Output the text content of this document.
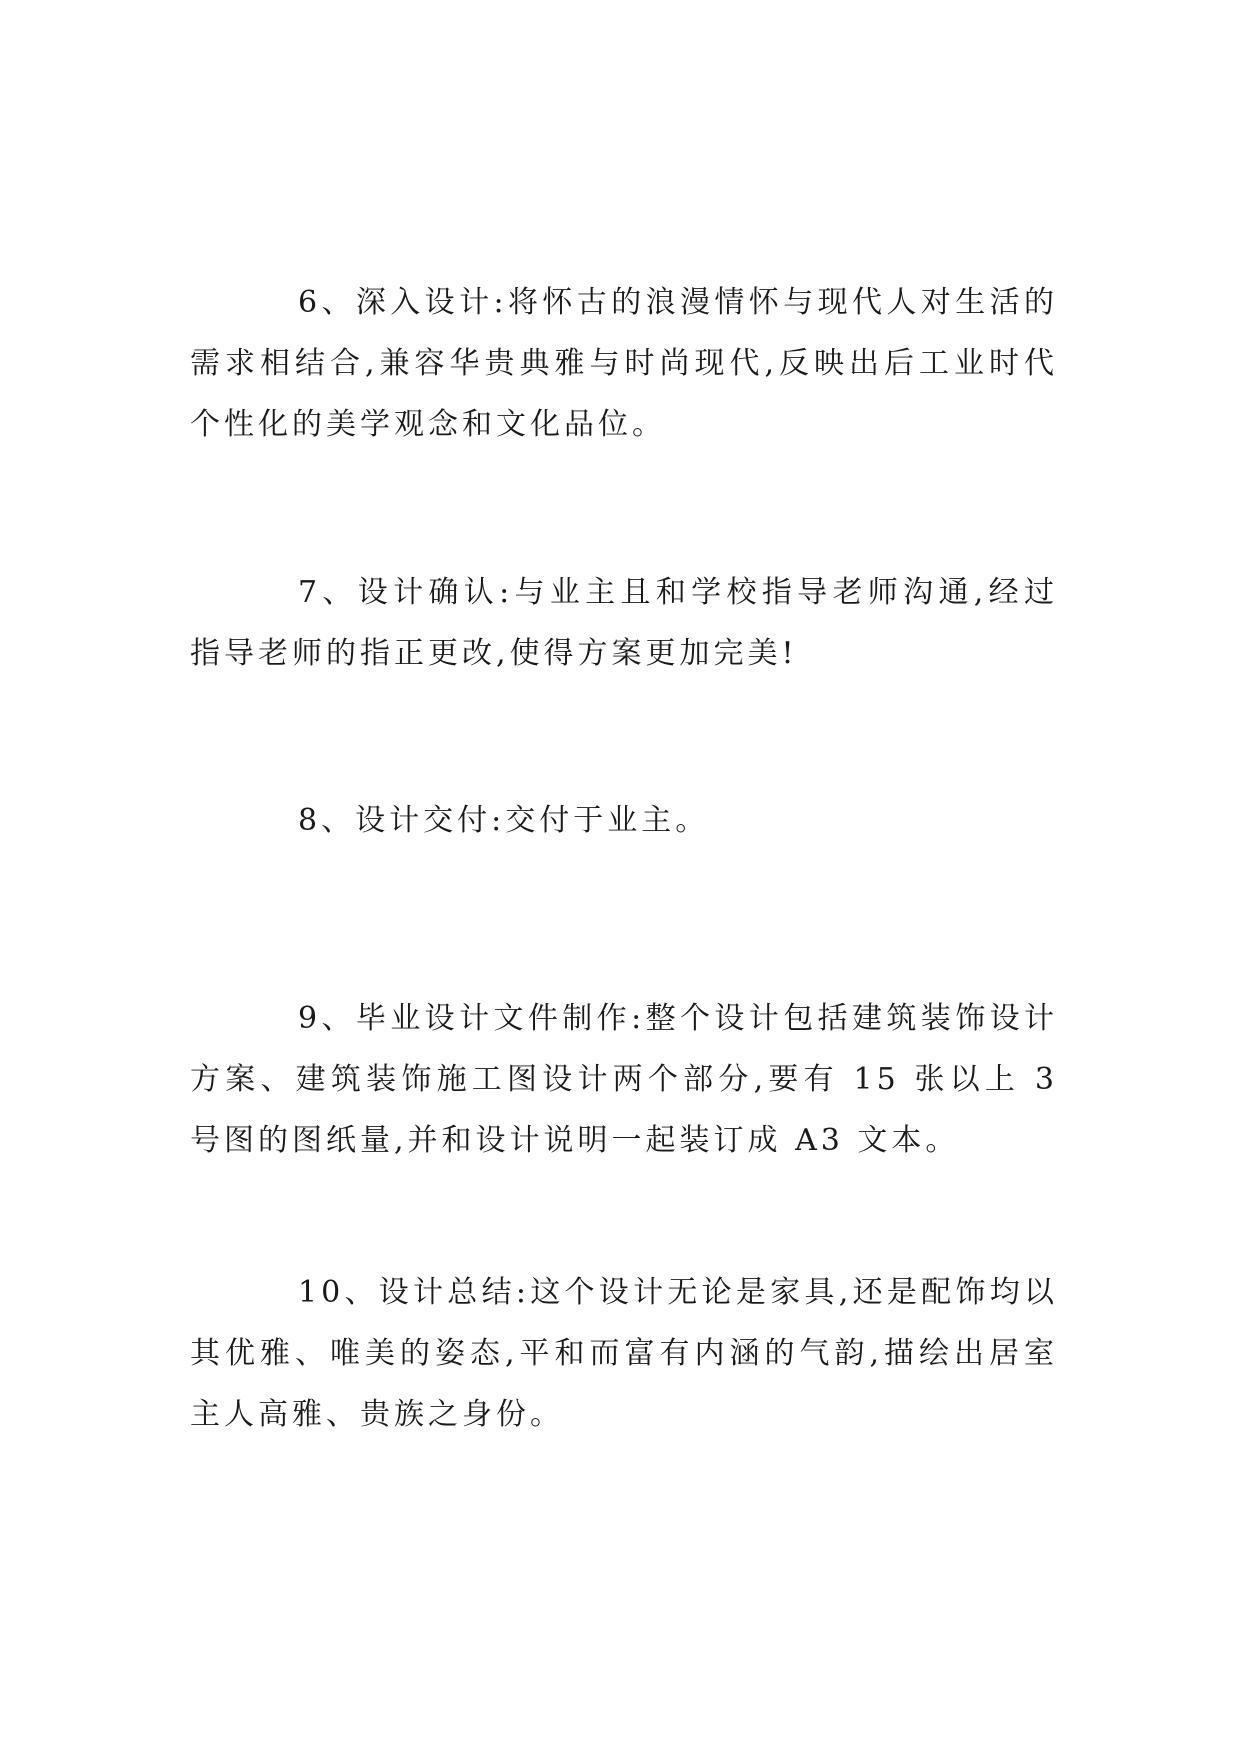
6、深入设计:将怀古的浪漫情怀与现代人对生活的需求相结合,兼容华贵典雅与时尚现代,反映出后工业时代个性化的美学观念和文化品位。

7、设计确认:与业主且和学校指导老师沟通,经过指导老师的指正更改,使得方案更加完美!

8、设计交付:交付于业主。

9、毕业设计文件制作:整个设计包括建筑装饰设计方案、建筑装饰施工图设计两个部分,要有 15 张以上 3 号图的图纸量,并和设计说明一起装订成 A3 文本。

10、设计总结:这个设计无论是家具,还是配饰均以其优雅、唯美的姿态,平和而富有内涵的气韵,描绘出居室主人高雅、贵族之身份。
